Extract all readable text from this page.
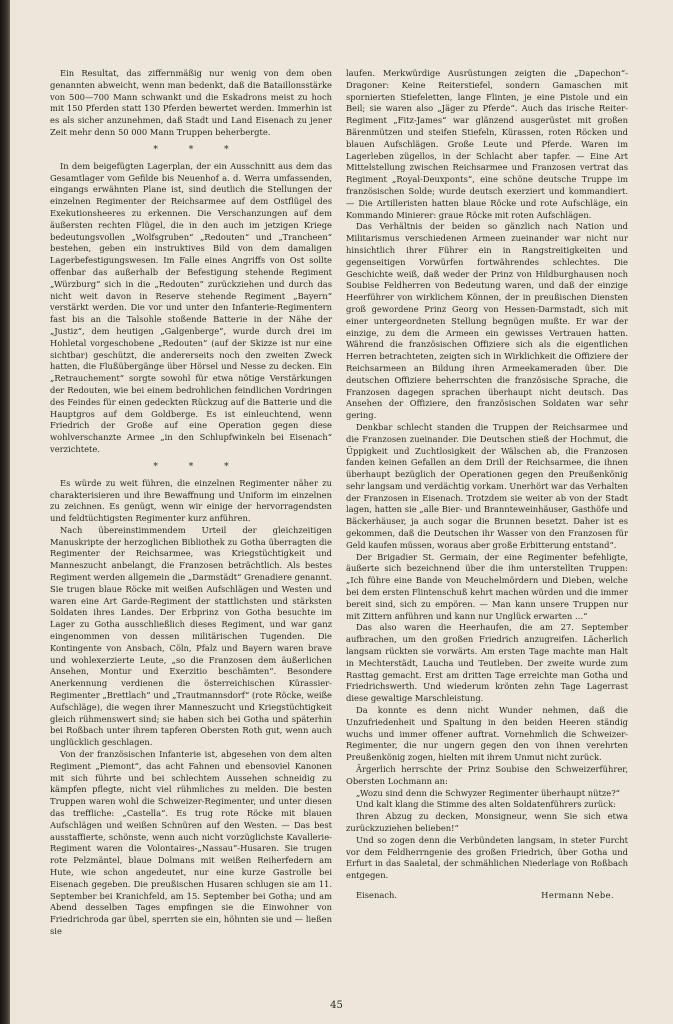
Ein Resultat, das ziffernmäßig nur wenig von dem oben genannten abweicht, wenn man bedenkt, daß die Bataillonsstärke von 500—700 Mann schwankt und die Eskadrons meist zu hoch mit 150 Pferden statt 130 Pferden bewertet werden. Immerhin ist es als sicher anzunehmen, daß Stadt und Land Eisenach zu jener Zeit mehr denn 50 000 Mann Truppen beherbergte.

* * *

In dem beigefügten Lagerplan, der ein Ausschnitt aus dem das Gesamtlager vom Gefilde bis Neuenhof a. d. Werra umfassenden, eingangs erwähnten Plane ist, sind deutlich die Stellungen der einzelnen Regimenter der Reichsarmee auf dem Ostflügel des Exekutionsheeres zu erkennen. Die Verschanzungen auf dem äußersten rechten Flügel, die in den auch im jetzigen Kriege bedeutungsvollen „Wolfsgruben“ „Redouten“ und „Trancheen“ bestehen, geben ein instruktives Bild von dem damaligen Lagerbefestigungswesen. Im Falle eines Angriffs von Ost sollte offenbar das außerhalb der Befestigung stehende Regiment „Würzburg“ sich in die „Redouten“ zurückziehen und durch das nicht weit davon in Reserve stehende Regiment „Bayern“ verstärkt werden. Die vor und unter den Infanterie-Regimentern fast bis an die Talsohle stoßende Batterie in der Nähe der „Justiz“, dem heutigen „Galgenberge“, wurde durch drei im Hohletal vorgeschobene „Redouten“ (auf der Skizze ist nur eine sichtbar) geschützt, die andererseits noch den zweiten Zweck hatten, die Flußübergänge über Hörsel und Nesse zu decken. Ein „Retrauchement“ sorgte sowohl für etwa nötige Verstärkungen der Redouten, wie bei einem bedrohlichen feindlichen Vordringen des Feindes für einen gedeckten Rückzug auf die Batterie und die Hauptgros auf dem Goldberge. Es ist einleuchtend, wenn Friedrich der Große auf eine Operation gegen diese wohlverschanzte Armee „in den Schlupfwinkeln bei Eisenach“ verzichtete.

* * *

Es würde zu weit führen, die einzelnen Regimenter näher zu charakterisieren und ihre Bewaffnung und Uniform im einzelnen zu zeichnen. Es genügt, wenn wir einige der hervorragendsten und feldtüchtigsten Regimenter kurz anführen.

Nach übereinstimmendem Urteil der gleichzeitigen Manuskripte der herzoglichen Bibliothek zu Gotha überragten die Regimenter der Reichsarmee, was Kriegstüchtigkeit und Manneszucht anbelangt, die Franzosen beträchtlich. Als bestes Regiment werden allgemein die „Darmstädt“ Grenadiere genannt. Sie trugen blaue Röcke mit weißen Aufschlägen und Westen und waren eine Art Garde-Regiment der stattlichsten und stärksten Soldaten ihres Landes. Der Erbprinz von Gotha besuchte im Lager zu Gotha ausschließlich dieses Regiment, und war ganz eingenommen von dessen militärischen Tugenden. Die Kontingente von Ansbach, Cöln, Pfalz und Bayern waren brave und wohlexerzierte Leute, „so die Franzosen dem äußerlichen Ansehen, Montur und Exerzitio beschämten“. Besondere Anerkennung verdienen die österreichischen Kürassier-Regimenter „Brettlach“ und „Trautmannsdorf“ (rote Röcke, weiße Aufschläge), die wegen ihrer Manneszucht und Kriegstüchtigkeit gleich rühmenswert sind; sie haben sich bei Gotha und späterhin bei Roßbach unter ihrem tapferen Obersten Roth gut, wenn auch unglücklich geschlagen.

Von der französischen Infanterie ist, abgesehen von dem alten Regiment „Piemont“, das acht Fahnen und ebensoviel Kanonen mit sich führte und bei schlechtem Aussehen schneidig zu kämpfen pflegte, nicht viel rühmliches zu melden. Die besten Truppen waren wohl die Schweizer-Regimenter, und unter diesen das treffliche: „Castella“. Es trug rote Röcke mit blauen Aufschlägen und weißen Schnüren auf den Westen. — Das best ausstaffierte, schönste, wenn auch nicht vorzüglichste Kavallerie-Regiment waren die Volontaires-„Nassau“-Husaren. Sie trugen rote Pelzmäntel, blaue Dolmans mit weißen Reiherfedern am Hute, wie schon angedeutet, nur eine kurze Gastrolle bei Eisenach gegeben. Die preußischen Husaren schlugen sie am 11. September bei Kranichfeld, am 15. September bei Gotha; und am Abend desselben Tages empfingen sie die Einwohner von Friedrichroda gar übel, sperrten sie ein, höhnten sie und — ließen sie

laufen. Merkwürdige Ausrüstungen zeigten die „Dapechon“-Dragoner: Keine Reiterstiefel, sondern Gamaschen mit spornierten Stiefeletten, lange Flinten, je eine Pistole und ein Beil; sie waren also „Jäger zu Pferde“. Auch das irische Reiter-Regiment „Fitz-James“ war glänzend ausgerüstet mit großen Bärenmützen und steifen Stiefeln, Kürassen, roten Röcken und blauen Aufschlägen. Große Leute und Pferde. Waren im Lagerleben zügellos, in der Schlacht aber tapfer. — Eine Art Mittelstellung zwischen Reichsarmee und Franzosen vertrat das Regiment „Royal-Deuxponts“, eine schöne deutsche Truppe im französischen Solde; wurde deutsch exerziert und kommandiert. — Die Artilleristen hatten blaue Röcke und rote Aufschläge, ein Kommando Minierer: graue Röcke mit roten Aufschlägen.

Das Verhältnis der beiden so gänzlich nach Nation und Militarismus verschiedenen Armeen zueinander war nicht nur hinsichtlich ihrer Führer ein in Rangstreitigkeiten und gegenseitigen Vorwürfen fortwährendes schlechtes. Die Geschichte weiß, daß weder der Prinz von Hildburghausen noch Soubise Feldherren von Bedeutung waren, und daß der einzige Heerführer von wirklichem Können, der in preußischen Diensten groß gewordene Prinz Georg von Hessen-Darmstadt, sich mit einer untergeordneten Stellung begnügen mußte. Er war der einzige, zu dem die Armeen ein gewisses Vertrauen hatten. Während die französischen Offiziere sich als die eigentlichen Herren betrachteten, zeigten sich in Wirklichkeit die Offiziere der Reichsarmeen an Bildung ihren Armeekameraden über. Die deutschen Offiziere beherrschten die französische Sprache, die Franzosen dagegen sprachen überhaupt nicht deutsch. Das Ansehen der Offiziere, den französischen Soldaten war sehr gering.

Denkbar schlecht standen die Truppen der Reichsarmee und die Franzosen zueinander. Die Deutschen stieß der Hochmut, die Üppigkeit und Zuchtlosigkeit der Wälschen ab, die Franzosen fanden keinen Gefallen an dem Drill der Reichsarmee, die ihnen überhaupt bezüglich der Operationen gegen den Preußenkönig sehr langsam und verdächtig vorkam. Unerhört war das Verhalten der Franzosen in Eisenach. Trotzdem sie weiter ab von der Stadt lagen, hatten sie „alle Bier- und Brannteweinhäuser, Gasthöfe und Bäckerhäuser, ja auch sogar die Brunnen besetzt. Daher ist es gekommen, daß die Deutschen ihr Wasser von den Franzosen für Geld kaufen müssen, woraus aber große Erbitterung entstand“.

Der Brigadier St. Germain, der eine Regimenter befehligte, äußerte sich bezeichnend über die ihm unterstellten Truppen: „Ich führe eine Bande von Meuchelmördern und Dieben, welche bei dem ersten Flintenschuß kehrt machen würden und die immer bereit sind, sich zu empören. — Man kann unsere Truppen nur mit Zittern anführen und kann nur Unglück erwarten …“

Das also waren die Heerhaufen, die am 27. September aufbrachen, um den großen Friedrich anzugreifen. Lächerlich langsam rückten sie vorwärts. Am ersten Tage machte man Halt in Mechterstädt, Laucha und Teutleben. Der zweite wurde zum Rasttag gemacht. Erst am dritten Tage erreichte man Gotha und Friedrichswerth. Und wiederum krönten zehn Tage Lagerrast diese gewaltige Marschleistung.

Da konnte es denn nicht Wunder nehmen, daß die Unzufriedenheit und Spaltung in den beiden Heeren ständig wuchs und immer offener auftrat. Vornehmlich die Schweizer-Regimenter, die nur ungern gegen den von ihnen verehrten Preußenkönig zogen, hielten mit ihrem Unmut nicht zurück.

Ärgerlich herrschte der Prinz Soubise den Schweizerführer, Obersten Lochmann an:

„Wozu sind denn die Schwyzer Regimenter überhaupt nütze?“

Und kalt klang die Stimme des alten Soldatenführers zurück:

Ihren Abzug zu decken, Monsigneur, wenn Sie sich etwa zurückzuziehen belieben!“

Und so zogen denn die Verbündeten langsam, in steter Furcht vor dem Feldherrngenie des großen Friedrich, über Gotha und Erfurt in das Saaletal, der schmählichen Niederlage von Roßbach entgegen.

Eisenach.	Hermann Nebe.
45
